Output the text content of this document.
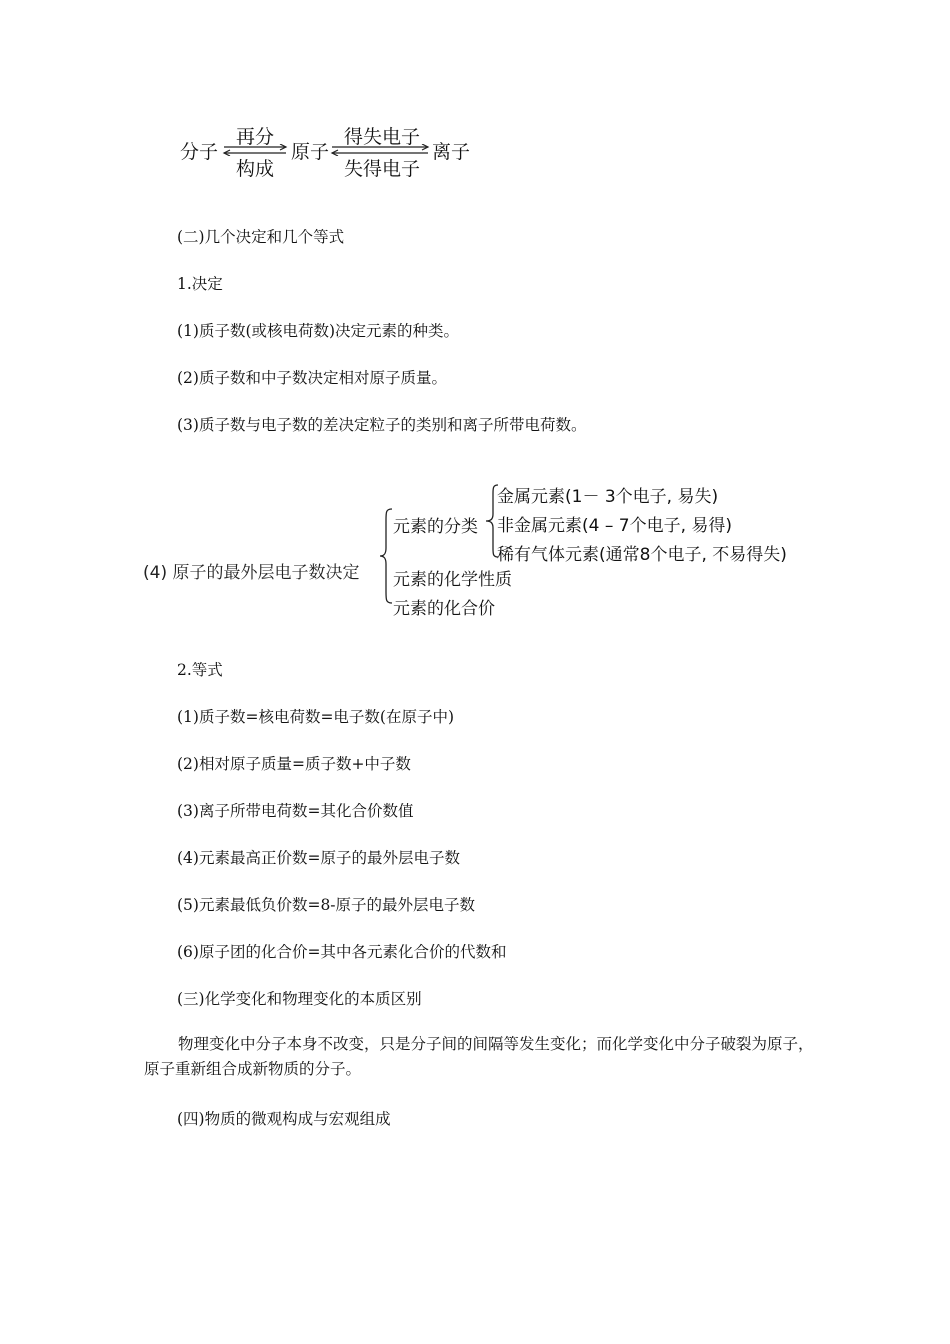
分子
再分
构成
原子
得失电子
失得电子
离子
(二)几个决定和几个等式
1.决定
(1)质子数(或核电荷数)决定元素的种类。
(2)质子数和中子数决定相对原子质量。
(3)质子数与电子数的差决定粒子的类别和离子所带电荷数。
(4) 原子的最外层电子数决定
元素的分类
元素的化学性质
元素的化合价
金属元素(1－ 3个电子, 易失)
非金属元素(4 – 7个电子, 易得)
稀有气体元素(通常8个电子, 不易得失)
2.等式
(1)质子数=核电荷数=电子数(在原子中)
(2)相对原子质量=质子数+中子数
(3)离子所带电荷数=其化合价数值
(4)元素最高正价数=原子的最外层电子数
(5)元素最低负价数=8-原子的最外层电子数
(6)原子团的化合价=其中各元素化合价的代数和
(三)化学变化和物理变化的本质区别
物理变化中分子本身不改变，只是分子间的间隔等发生变化；而化学变化中分子破裂为原子，原子重新组合成新物质的分子。
(四)物质的微观构成与宏观组成
